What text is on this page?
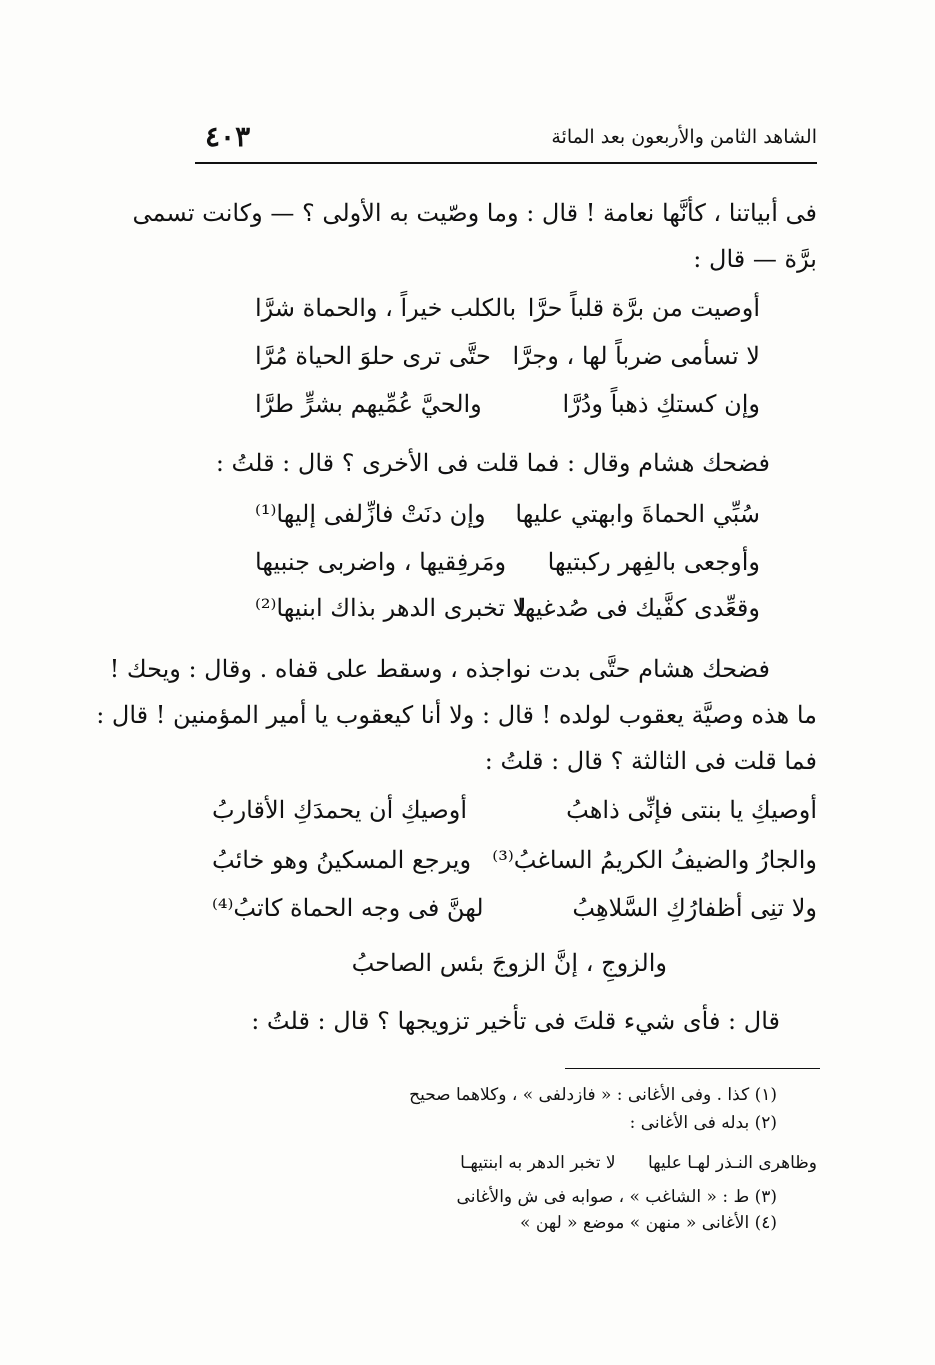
الشاهد الثامن والأربعون بعد المائة
٤٠٣
فى أبياتنا ، كأنَّها نعامة ! قال : وما وصّيت به الأولى ؟ — وكانت تسمى
برَّة — قال :
أوصيت من برَّة قلباً حرَّا
بالكلب خيراً ، والحماة شرَّا
لا تسأمى ضرباً لها ، وجرَّا
حتَّى ترى حلوَ الحياة مُرَّا
وإن كستكِ ذهباً ودُرَّا
والحيَّ عُمِّيهم بشرٍّ طرَّا
فضحك هشام وقال : فما قلت فى الأخرى ؟ قال : قلتُ :
سُبِّي الحماةَ وابهتي عليها
وإن دنَتْ فازِّلفى إليها⁽¹⁾
وأوجعى بالفِهر ركبتيها
ومَرفِقيها ، واضربى جنبيها
وقعِّدى كفَّيك فى صُدغيها
لا تخبرى الدهر بذاك ابنيها⁽²⁾
فضحك هشام حتَّى بدت نواجذه ، وسقط على قفاه . وقال : ويحك !
ما هذه وصيَّة يعقوب لولده ! قال : ولا أنا كيعقوب يا أمير المؤمنين ! قال :
فما قلت فى الثالثة ؟ قال : قلتُ :
أوصيكِ يا بنتى فإنِّى ذاهبُ
أوصيكِ أن يحمدَكِ الأقاربُ
والجارُ والضيفُ الكريمُ الساغبُ⁽³⁾
ويرجع المسكينُ وهو خائبُ
ولا تنِى أظفارُكِ السَّلاهِبُ
لهنَّ فى وجه الحماة كاتبُ⁽⁴⁾
والزوجِ ، إنَّ الزوجَ بئس الصاحبُ
قال : فأى شيء قلتَ فى تأخير تزويجها ؟ قال : قلتُ :
(١) كذا . وفى الأغانى : « فازدلفى » ، وكلاهما صحيح
(٢) بدله فى الأغانى :
وظاهرى النـذر لهـا عليها      لا تخبر الدهر به ابنتيهـا
(٣) ط : « الشاغب » ، صوابه فى ش والأغانى
(٤) الأغانى « منهن » موضع « لهن »
